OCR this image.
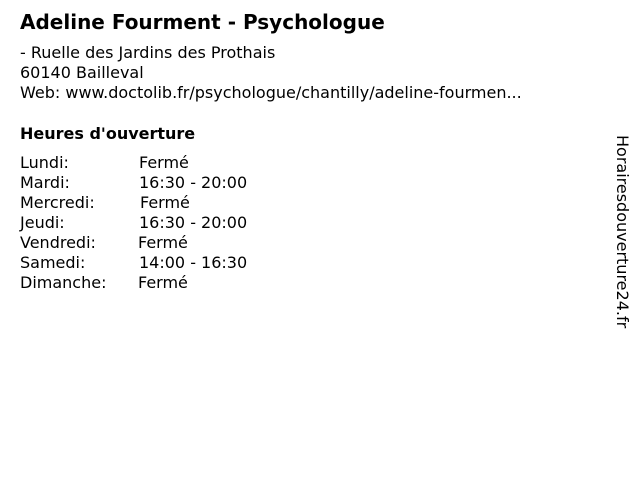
Adeline Fourment - Psychologue
- Ruelle des Jardins des Prothais
60140 Bailleval
Web: www.doctolib.fr/psychologue/chantilly/adeline-fourmen...
Heures d'ouverture
Lundi:	Fermé
Mardi:	16:30 - 20:00
Mercredi:	Fermé
Jeudi:	16:30 - 20:00
Vendredi:	Fermé
Samedi:	14:00 - 16:30
Dimanche: Fermé	Horairesdouverture24.fr
